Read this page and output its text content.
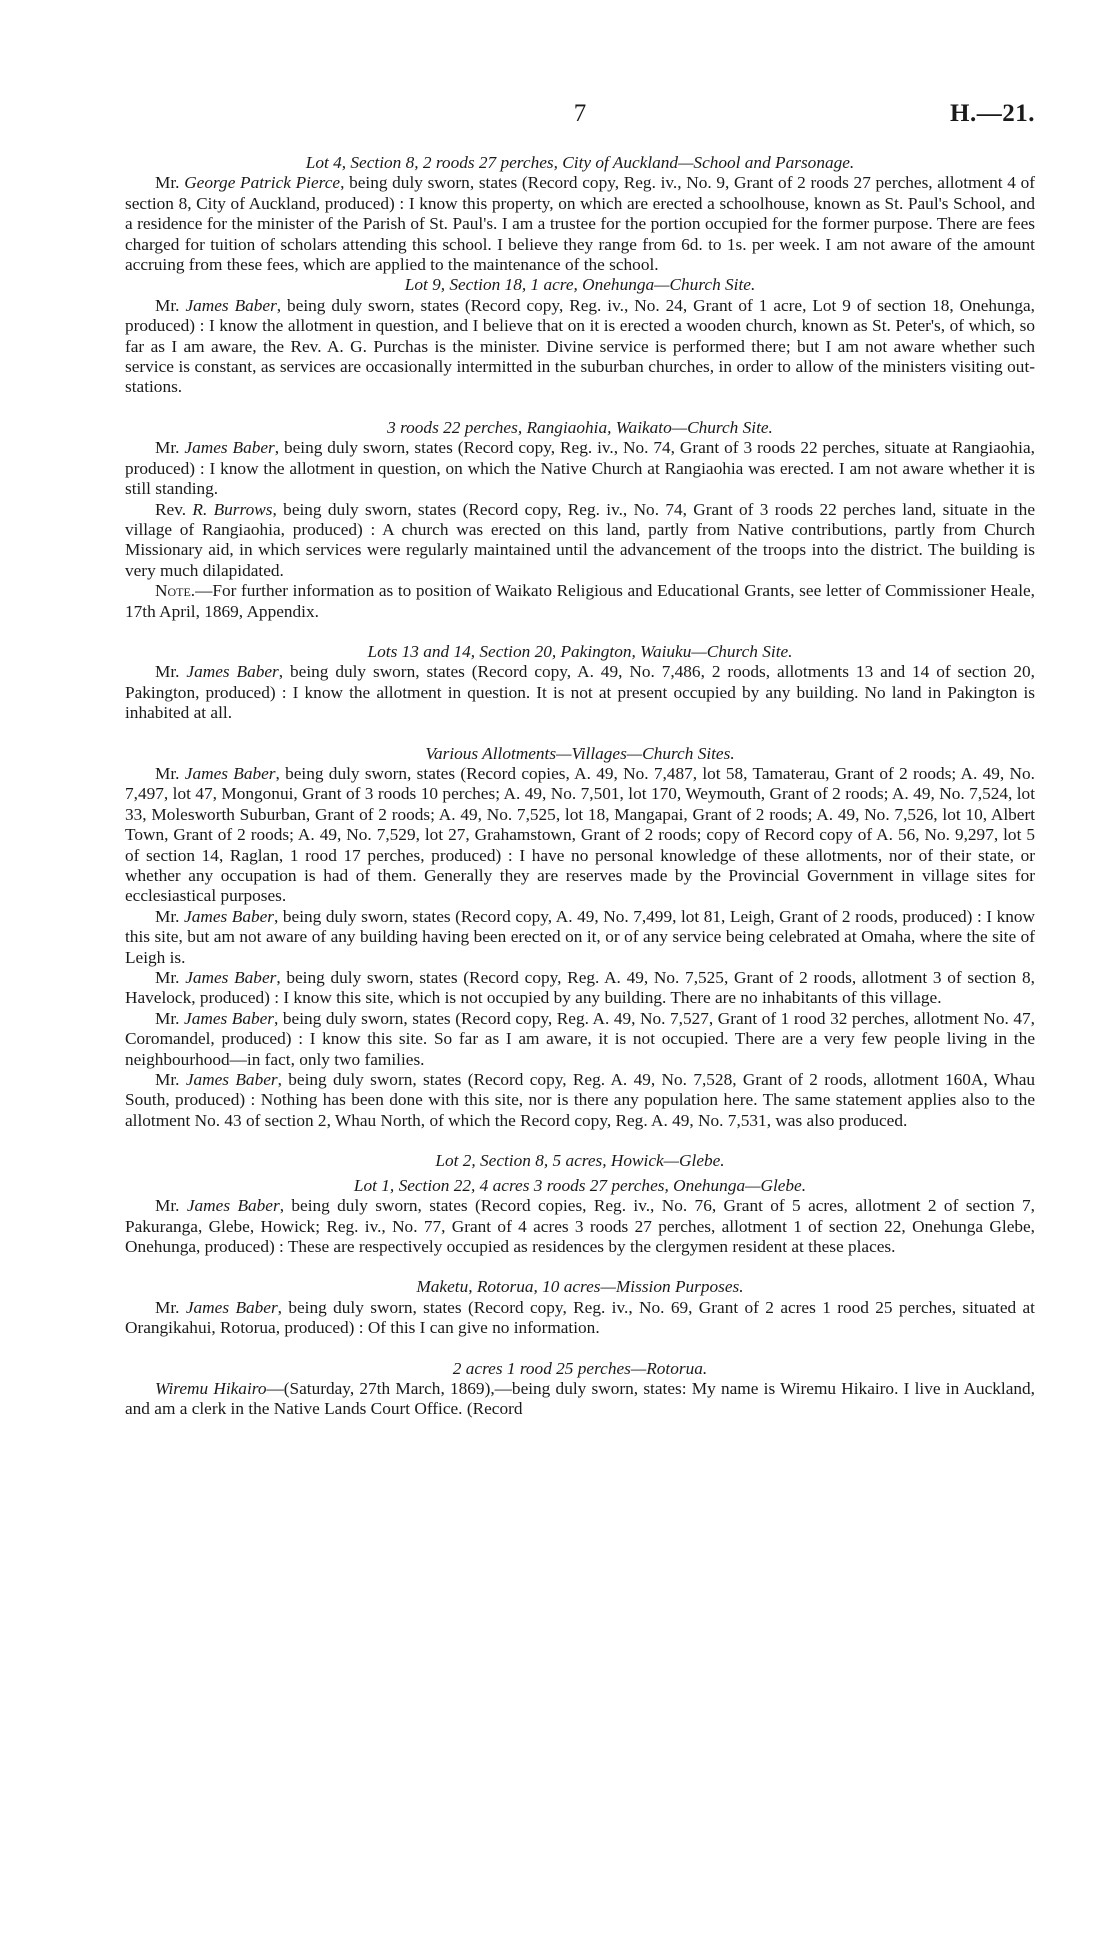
7	H.—21.
Lot 4, Section 8, 2 roods 27 perches, City of Auckland—School and Parsonage.

Mr. George Patrick Pierce, being duly sworn, states (Record copy, Reg. iv., No. 9, Grant of 2 roods 27 perches, allotment 4 of section 8, City of Auckland, produced) : I know this property, on which are erected a schoolhouse, known as St. Paul's School, and a residence for the minister of the Parish of St. Paul's. I am a trustee for the portion occupied for the former purpose. There are fees charged for tuition of scholars attending this school. I believe they range from 6d. to 1s. per week. I am not aware of the amount accruing from these fees, which are applied to the maintenance of the school.

Lot 9, Section 18, 1 acre, Onehunga—Church Site.

Mr. James Baber, being duly sworn, states (Record copy, Reg. iv., No. 24, Grant of 1 acre, Lot 9 of section 18, Onehunga, produced) : I know the allotment in question, and I believe that on it is erected a wooden church, known as St. Peter's, of which, so far as I am aware, the Rev. A. G. Purchas is the minister. Divine service is performed there; but I am not aware whether such service is constant, as services are occasionally intermitted in the suburban churches, in order to allow of the ministers visiting out-stations.

3 roods 22 perches, Rangiaohia, Waikato—Church Site.

Mr. James Baber, being duly sworn, states (Record copy, Reg. iv., No. 74, Grant of 3 roods 22 perches, situate at Rangiaohia, produced) : I know the allotment in question, on which the Native Church at Rangiaohia was erected. I am not aware whether it is still standing.

Rev. R. Burrows, being duly sworn, states (Record copy, Reg. iv., No. 74, Grant of 3 roods 22 perches land, situate in the village of Rangiaohia, produced) : A church was erected on this land, partly from Native contributions, partly from Church Missionary aid, in which services were regularly maintained until the advancement of the troops into the district. The building is very much dilapidated.

Note.—For further information as to position of Waikato Religious and Educational Grants, see letter of Commissioner Heale, 17th April, 1869, Appendix.

Lots 13 and 14, Section 20, Pakington, Waiuku—Church Site.

Mr. James Baber, being duly sworn, states (Record copy, A. 49, No. 7,486, 2 roods, allotments 13 and 14 of section 20, Pakington, produced) : I know the allotment in question. It is not at present occupied by any building. No land in Pakington is inhabited at all.

Various Allotments—Villages—Church Sites.

Mr. James Baber, being duly sworn, states (Record copies, A. 49, No. 7,487, lot 58, Tamaterau, Grant of 2 roods; A. 49, No. 7,497, lot 47, Mongonui, Grant of 3 roods 10 perches; A. 49, No. 7,501, lot 170, Weymouth, Grant of 2 roods; A. 49, No. 7,524, lot 33, Molesworth Suburban, Grant of 2 roods; A. 49, No. 7,525, lot 18, Mangapai, Grant of 2 roods; A. 49, No. 7,526, lot 10, Albert Town, Grant of 2 roods; A. 49, No. 7,529, lot 27, Grahamstown, Grant of 2 roods; copy of Record copy of A. 56, No. 9,297, lot 5 of section 14, Raglan, 1 rood 17 perches, produced) : I have no personal knowledge of these allotments, nor of their state, or whether any occupation is had of them. Generally they are reserves made by the Provincial Government in village sites for ecclesiastical purposes.

Mr. James Baber, being duly sworn, states (Record copy, A. 49, No. 7,499, lot 81, Leigh, Grant of 2 roods, produced) : I know this site, but am not aware of any building having been erected on it, or of any service being celebrated at Omaha, where the site of Leigh is.

Mr. James Baber, being duly sworn, states (Record copy, Reg. A. 49, No. 7,525, Grant of 2 roods, allotment 3 of section 8, Havelock, produced) : I know this site, which is not occupied by any building. There are no inhabitants of this village.

Mr. James Baber, being duly sworn, states (Record copy, Reg. A. 49, No. 7,527, Grant of 1 rood 32 perches, allotment No. 47, Coromandel, produced) : I know this site. So far as I am aware, it is not occupied. There are a very few people living in the neighbourhood—in fact, only two families.

Mr. James Baber, being duly sworn, states (Record copy, Reg. A. 49, No. 7,528, Grant of 2 roods, allotment 160A, Whau South, produced) : Nothing has been done with this site, nor is there any population here. The same statement applies also to the allotment No. 43 of section 2, Whau North, of which the Record copy, Reg. A. 49, No. 7,531, was also produced.

Lot 2, Section 8, 5 acres, Howick—Glebe.
Lot 1, Section 22, 4 acres 3 roods 27 perches, Onehunga—Glebe.

Mr. James Baber, being duly sworn, states (Record copies, Reg. iv., No. 76, Grant of 5 acres, allotment 2 of section 7, Pakuranga, Glebe, Howick; Reg. iv., No. 77, Grant of 4 acres 3 roods 27 perches, allotment 1 of section 22, Onehunga Glebe, Onehunga, produced) : These are respectively occupied as residences by the clergymen resident at these places.

Maketu, Rotorua, 10 acres—Mission Purposes.

Mr. James Baber, being duly sworn, states (Record copy, Reg. iv., No. 69, Grant of 2 acres 1 rood 25 perches, situated at Orangikahui, Rotorua, produced) : Of this I can give no information.

2 acres 1 rood 25 perches—Rotorua.

Wiremu Hikairo—(Saturday, 27th March, 1869),—being duly sworn, states: My name is Wiremu Hikairo. I live in Auckland, and am a clerk in the Native Lands Court Office. (Record
